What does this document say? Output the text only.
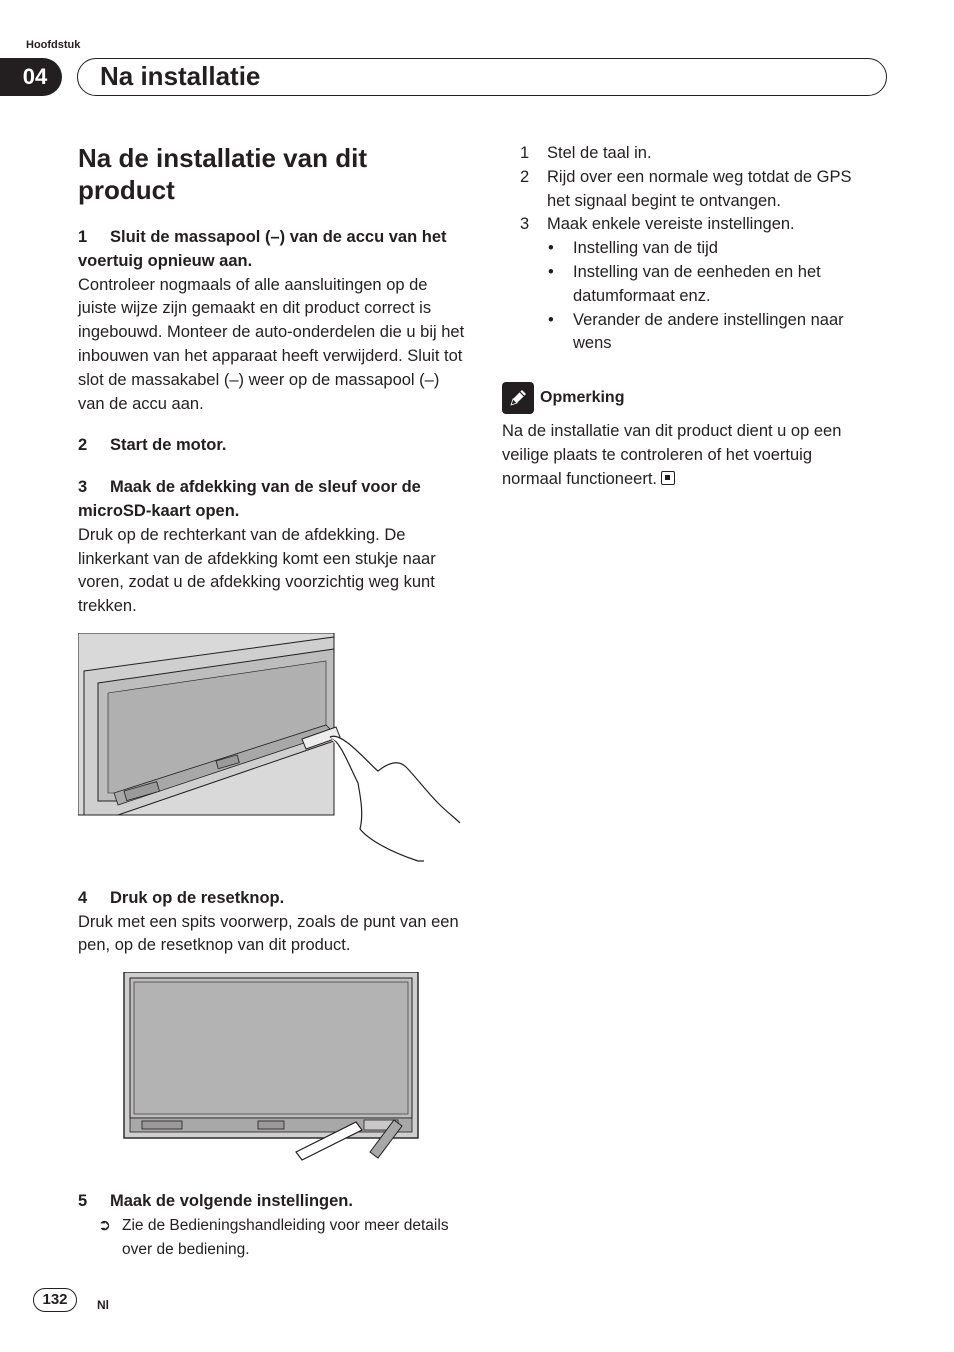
Hoofdstuk
04	Na installatie
Na de installatie van dit product

1 Sluit de massapool (–) van de accu van het voertuig opnieuw aan.

Controleer nogmaals of alle aansluitingen op de juiste wijze zijn gemaakt en dit product correct is ingebouwd. Monteer de auto-onderdelen die u bij het inbouwen van het apparaat heeft verwijderd. Sluit tot slot de massakabel (–) weer op de massapool (–) van de accu aan.

2 Start de motor.

3 Maak de afdekking van de sleuf voor de microSD-kaart open.

Druk op de rechterkant van de afdekking. De linkerkant van de afdekking komt een stukje naar voren, zodat u de afdekking voorzichtig weg kunt trekken.

4 Druk op de resetknop.

Druk met een spits voorwerp, zoals de punt van een pen, op de resetknop van dit product.

5 Maak de volgende instellingen.

➲ Zie de Bedieningshandleiding voor meer details over de bediening.
1 Stel de taal in.
2 Rijd over een normale weg totdat de GPS het signaal begint te ontvangen.
3 Maak enkele vereiste instellingen.
• Instelling van de tijd
• Instelling van de eenheden en het datumformaat enz.
• Verander de andere instellingen naar wens
Opmerking

Na de installatie van dit product dient u op een veilige plaats te controleren of het voertuig normaal functioneert.

132	Nl
